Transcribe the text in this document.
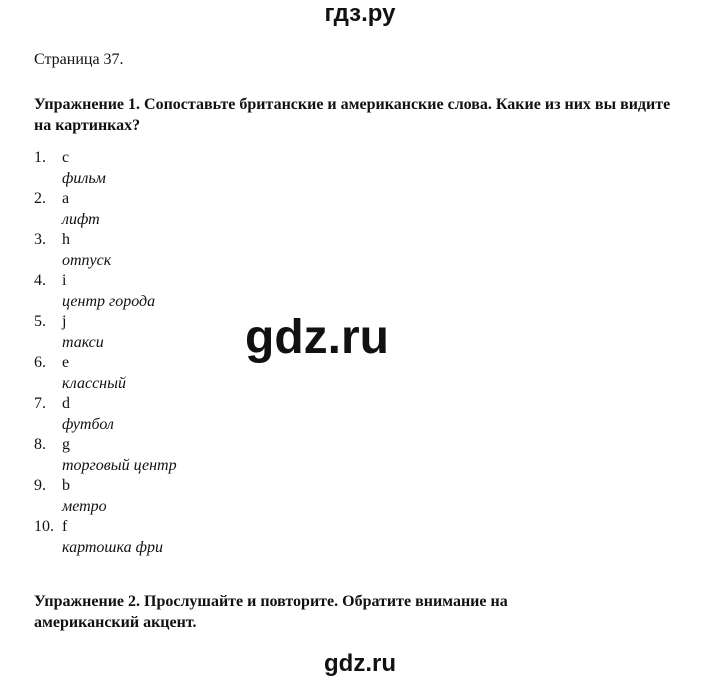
гдз.ру

Страница 37.

Упражнение 1. Сопоставьте британские и американские слова. Какие из них вы видите на картинках?

1.	c
фильм
2.	a
лифт
3.	h
отпуск
4.	i
центр города
5.	j
такси
6.	e
классный
7.	d
футбол
8.	g
торговый центр
9.	b
метро
10. f
картошка фри

Упражнение 2. Прослушайте и повторите. Обратите внимание на американский акцент.

gdz.ru
gdz.ru
